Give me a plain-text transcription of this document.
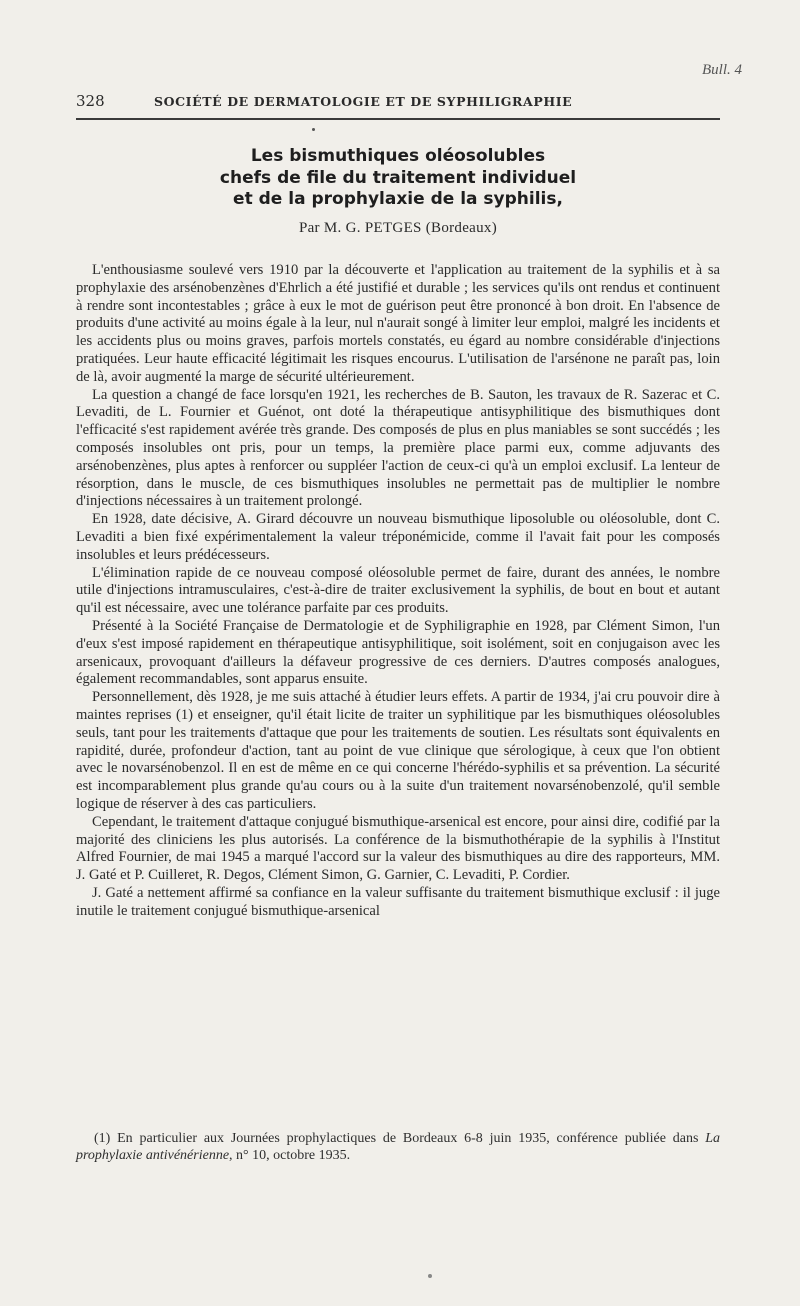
Bull. 4
328	SOCIÉTÉ DE DERMATOLOGIE ET DE SYPHILIGRAPHIE
Les bismuthiques oléosolubles
chefs de file du traitement individuel
et de la prophylaxie de la syphilis,
Par M. G. PETGES (Bordeaux)

L'enthousiasme soulevé vers 1910 par la découverte et l'application au traitement de la syphilis et à sa prophylaxie des arsénobenzènes d'Ehrlich a été justifié et durable ; les services qu'ils ont rendus et continuent à rendre sont incontestables ; grâce à eux le mot de guérison peut être prononcé à bon droit. En l'absence de produits d'une activité au moins égale à la leur, nul n'aurait songé à limiter leur emploi, malgré les incidents et les accidents plus ou moins graves, parfois mortels constatés, eu égard au nombre considérable d'injections pratiquées. Leur haute efficacité légitimait les risques encourus. L'utilisation de l'arsénone ne paraît pas, loin de là, avoir augmenté la marge de sécurité ultérieurement.

La question a changé de face lorsqu'en 1921, les recherches de B. Sauton, les travaux de R. Sazerac et C. Levaditi, de L. Fournier et Guénot, ont doté la thérapeutique antisyphilitique des bismuthiques dont l'efficacité s'est rapidement avérée très grande. Des composés de plus en plus maniables se sont succédés ; les composés insolubles ont pris, pour un temps, la première place parmi eux, comme adjuvants des arsénobenzènes, plus aptes à renforcer ou suppléer l'action de ceux-ci qu'à un emploi exclusif. La lenteur de résorption, dans le muscle, de ces bismuthiques insolubles ne permettait pas de multiplier le nombre d'injections nécessaires à un traitement prolongé.

En 1928, date décisive, A. Girard découvre un nouveau bismuthique liposoluble ou oléosoluble, dont C. Levaditi a bien fixé expérimentalement la valeur tréponémicide, comme il l'avait fait pour les composés insolubles et leurs prédécesseurs.

L'élimination rapide de ce nouveau composé oléosoluble permet de faire, durant des années, le nombre utile d'injections intramusculaires, c'est-à-dire de traiter exclusivement la syphilis, de bout en bout et autant qu'il est nécessaire, avec une tolérance parfaite par ces produits.

Présenté à la Société Française de Dermatologie et de Syphiligraphie en 1928, par Clément Simon, l'un d'eux s'est imposé rapidement en thérapeutique antisyphilitique, soit isolément, soit en conjugaison avec les arsenicaux, provoquant d'ailleurs la défaveur progressive de ces derniers. D'autres composés analogues, également recommandables, sont apparus ensuite.

Personnellement, dès 1928, je me suis attaché à étudier leurs effets. A partir de 1934, j'ai cru pouvoir dire à maintes reprises (1) et enseigner, qu'il était licite de traiter un syphilitique par les bismuthiques oléosolubles seuls, tant pour les traitements d'attaque que pour les traitements de soutien. Les résultats sont équivalents en rapidité, durée, profondeur d'action, tant au point de vue clinique que sérologique, à ceux que l'on obtient avec le novarsénobenzol. Il en est de même en ce qui concerne l'hérédo-syphilis et sa prévention. La sécurité est incomparablement plus grande qu'au cours ou à la suite d'un traitement novarsénobenzolé, qu'il semble logique de réserver à des cas particuliers.

Cependant, le traitement d'attaque conjugué bismuthique-arsenical est encore, pour ainsi dire, codifié par la majorité des cliniciens les plus autorisés. La conférence de la bismuthothérapie de la syphilis à l'Institut Alfred Fournier, de mai 1945 a marqué l'accord sur la valeur des bismuthiques au dire des rapporteurs, MM. J. Gaté et P. Cuilleret, R. Degos, Clément Simon, G. Garnier, C. Levaditi, P. Cordier.

J. Gaté a nettement affirmé sa confiance en la valeur suffisante du traitement bismuthique exclusif : il juge inutile le traitement conjugué bismuthique-arsenical

(1) En particulier aux Journées prophylactiques de Bordeaux 6-8 juin 1935, conférence publiée dans La prophylaxie antivénérienne, n° 10, octobre 1935.
